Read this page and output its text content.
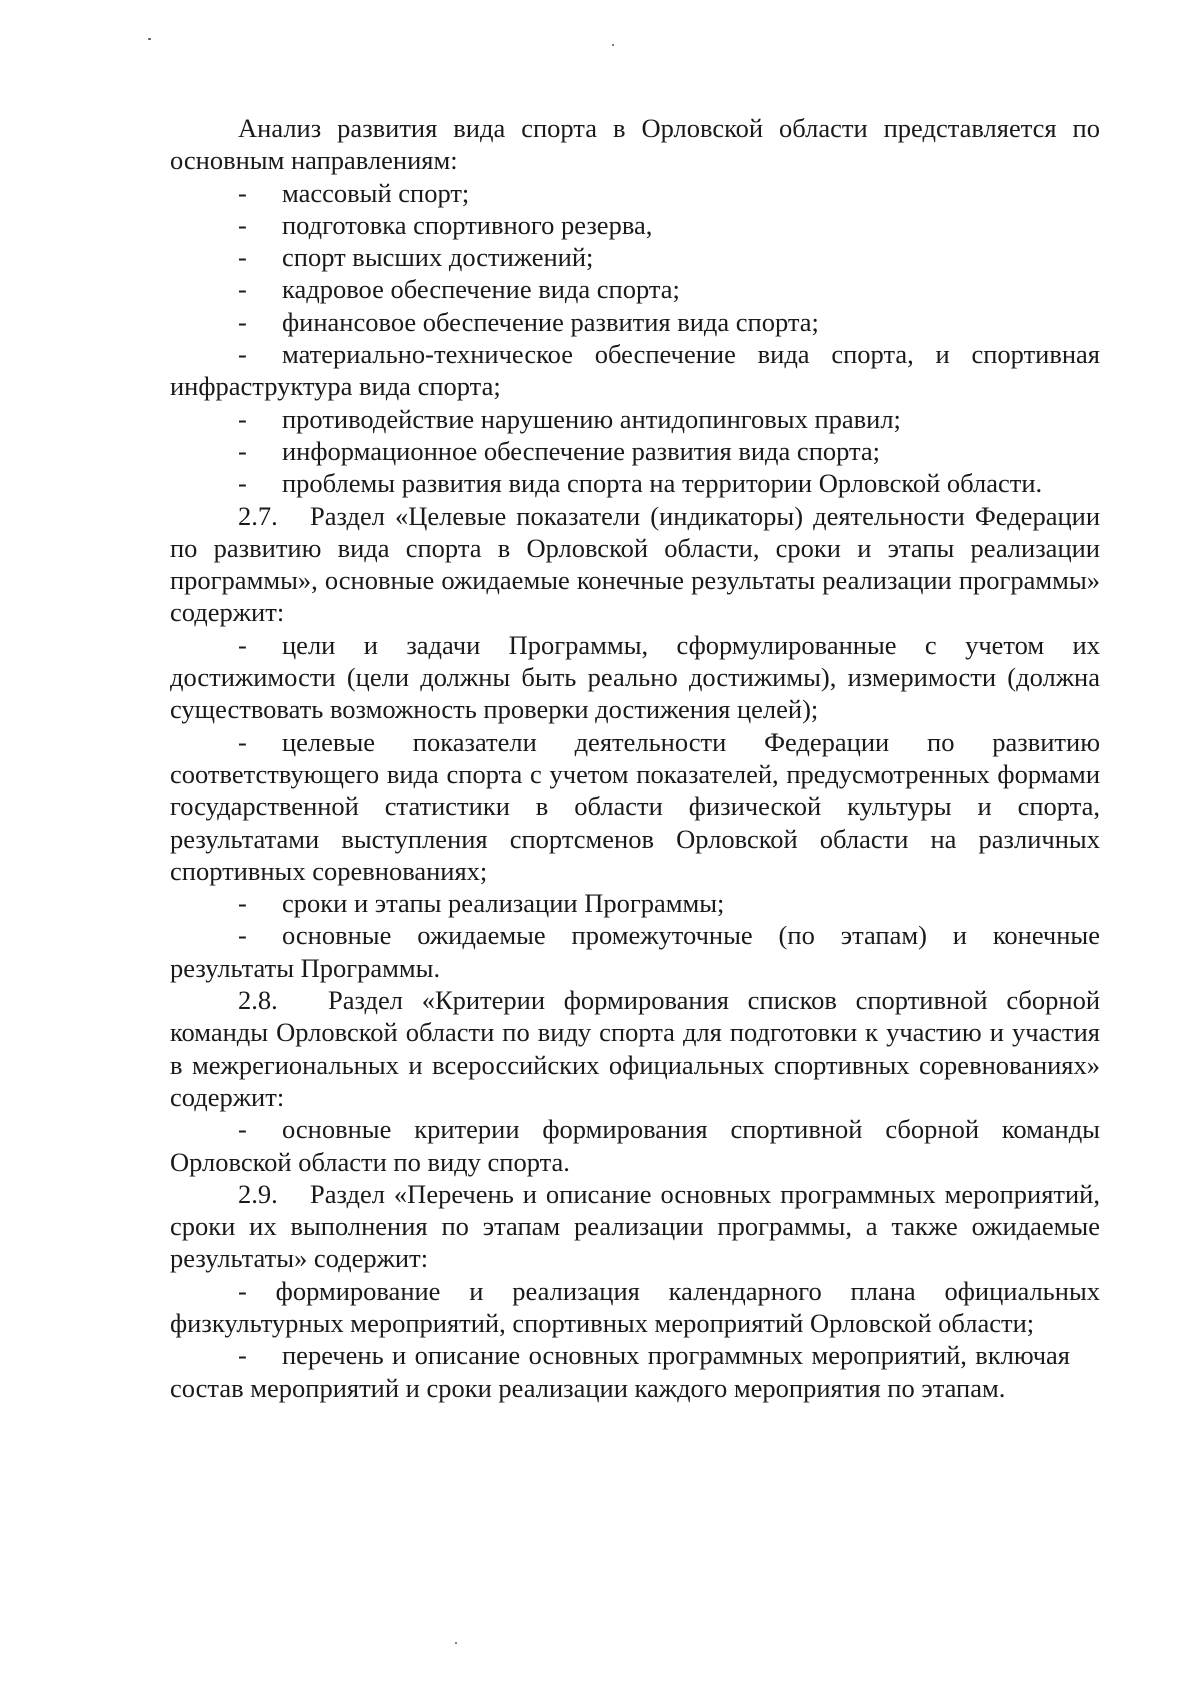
Анализ развития вида спорта в Орловской области представляется по основным направлениям:

- массовый спорт;

- подготовка спортивного резерва,

- спорт высших достижений;

- кадровое обеспечение вида спорта;

- финансовое обеспечение развития вида спорта;

- материально-техническое обеспечение вида спорта, и спортивная инфраструктура вида спорта;

- противодействие нарушению антидопинговых правил;

- информационное обеспечение развития вида спорта;

- проблемы развития вида спорта на территории Орловской области.

2.7. Раздел «Целевые показатели (индикаторы) деятельности Федерации по развитию вида спорта в Орловской области, сроки и этапы реализации программы», основные ожидаемые конечные результаты реализации программы» содержит:

- цели и задачи Программы, сформулированные с учетом их достижимости (цели должны быть реально достижимы), измеримости (должна существовать возможность проверки достижения целей);

- целевые показатели деятельности Федерации по развитию соответствующего вида спорта с учетом показателей, предусмотренных формами государственной статистики в области физической культуры и спорта, результатами выступления спортсменов Орловской области на различных спортивных соревнованиях;

- сроки и этапы реализации Программы;

- основные ожидаемые промежуточные (по этапам) и конечные результаты Программы.

2.8. Раздел «Критерии формирования списков спортивной сборной команды Орловской области по виду спорта для подготовки к участию и участия в межрегиональных и всероссийских официальных спортивных соревнованиях» содержит:

- основные критерии формирования спортивной сборной команды Орловской области по виду спорта.

2.9. Раздел «Перечень и описание основных программных мероприятий, сроки их выполнения по этапам реализации программы, а также ожидаемые результаты» содержит:

- формирование и реализация календарного плана официальных физкультурных мероприятий, спортивных мероприятий Орловской области;

- перечень и описание основных программных мероприятий, включая состав мероприятий и сроки реализации каждого мероприятия по этапам.
